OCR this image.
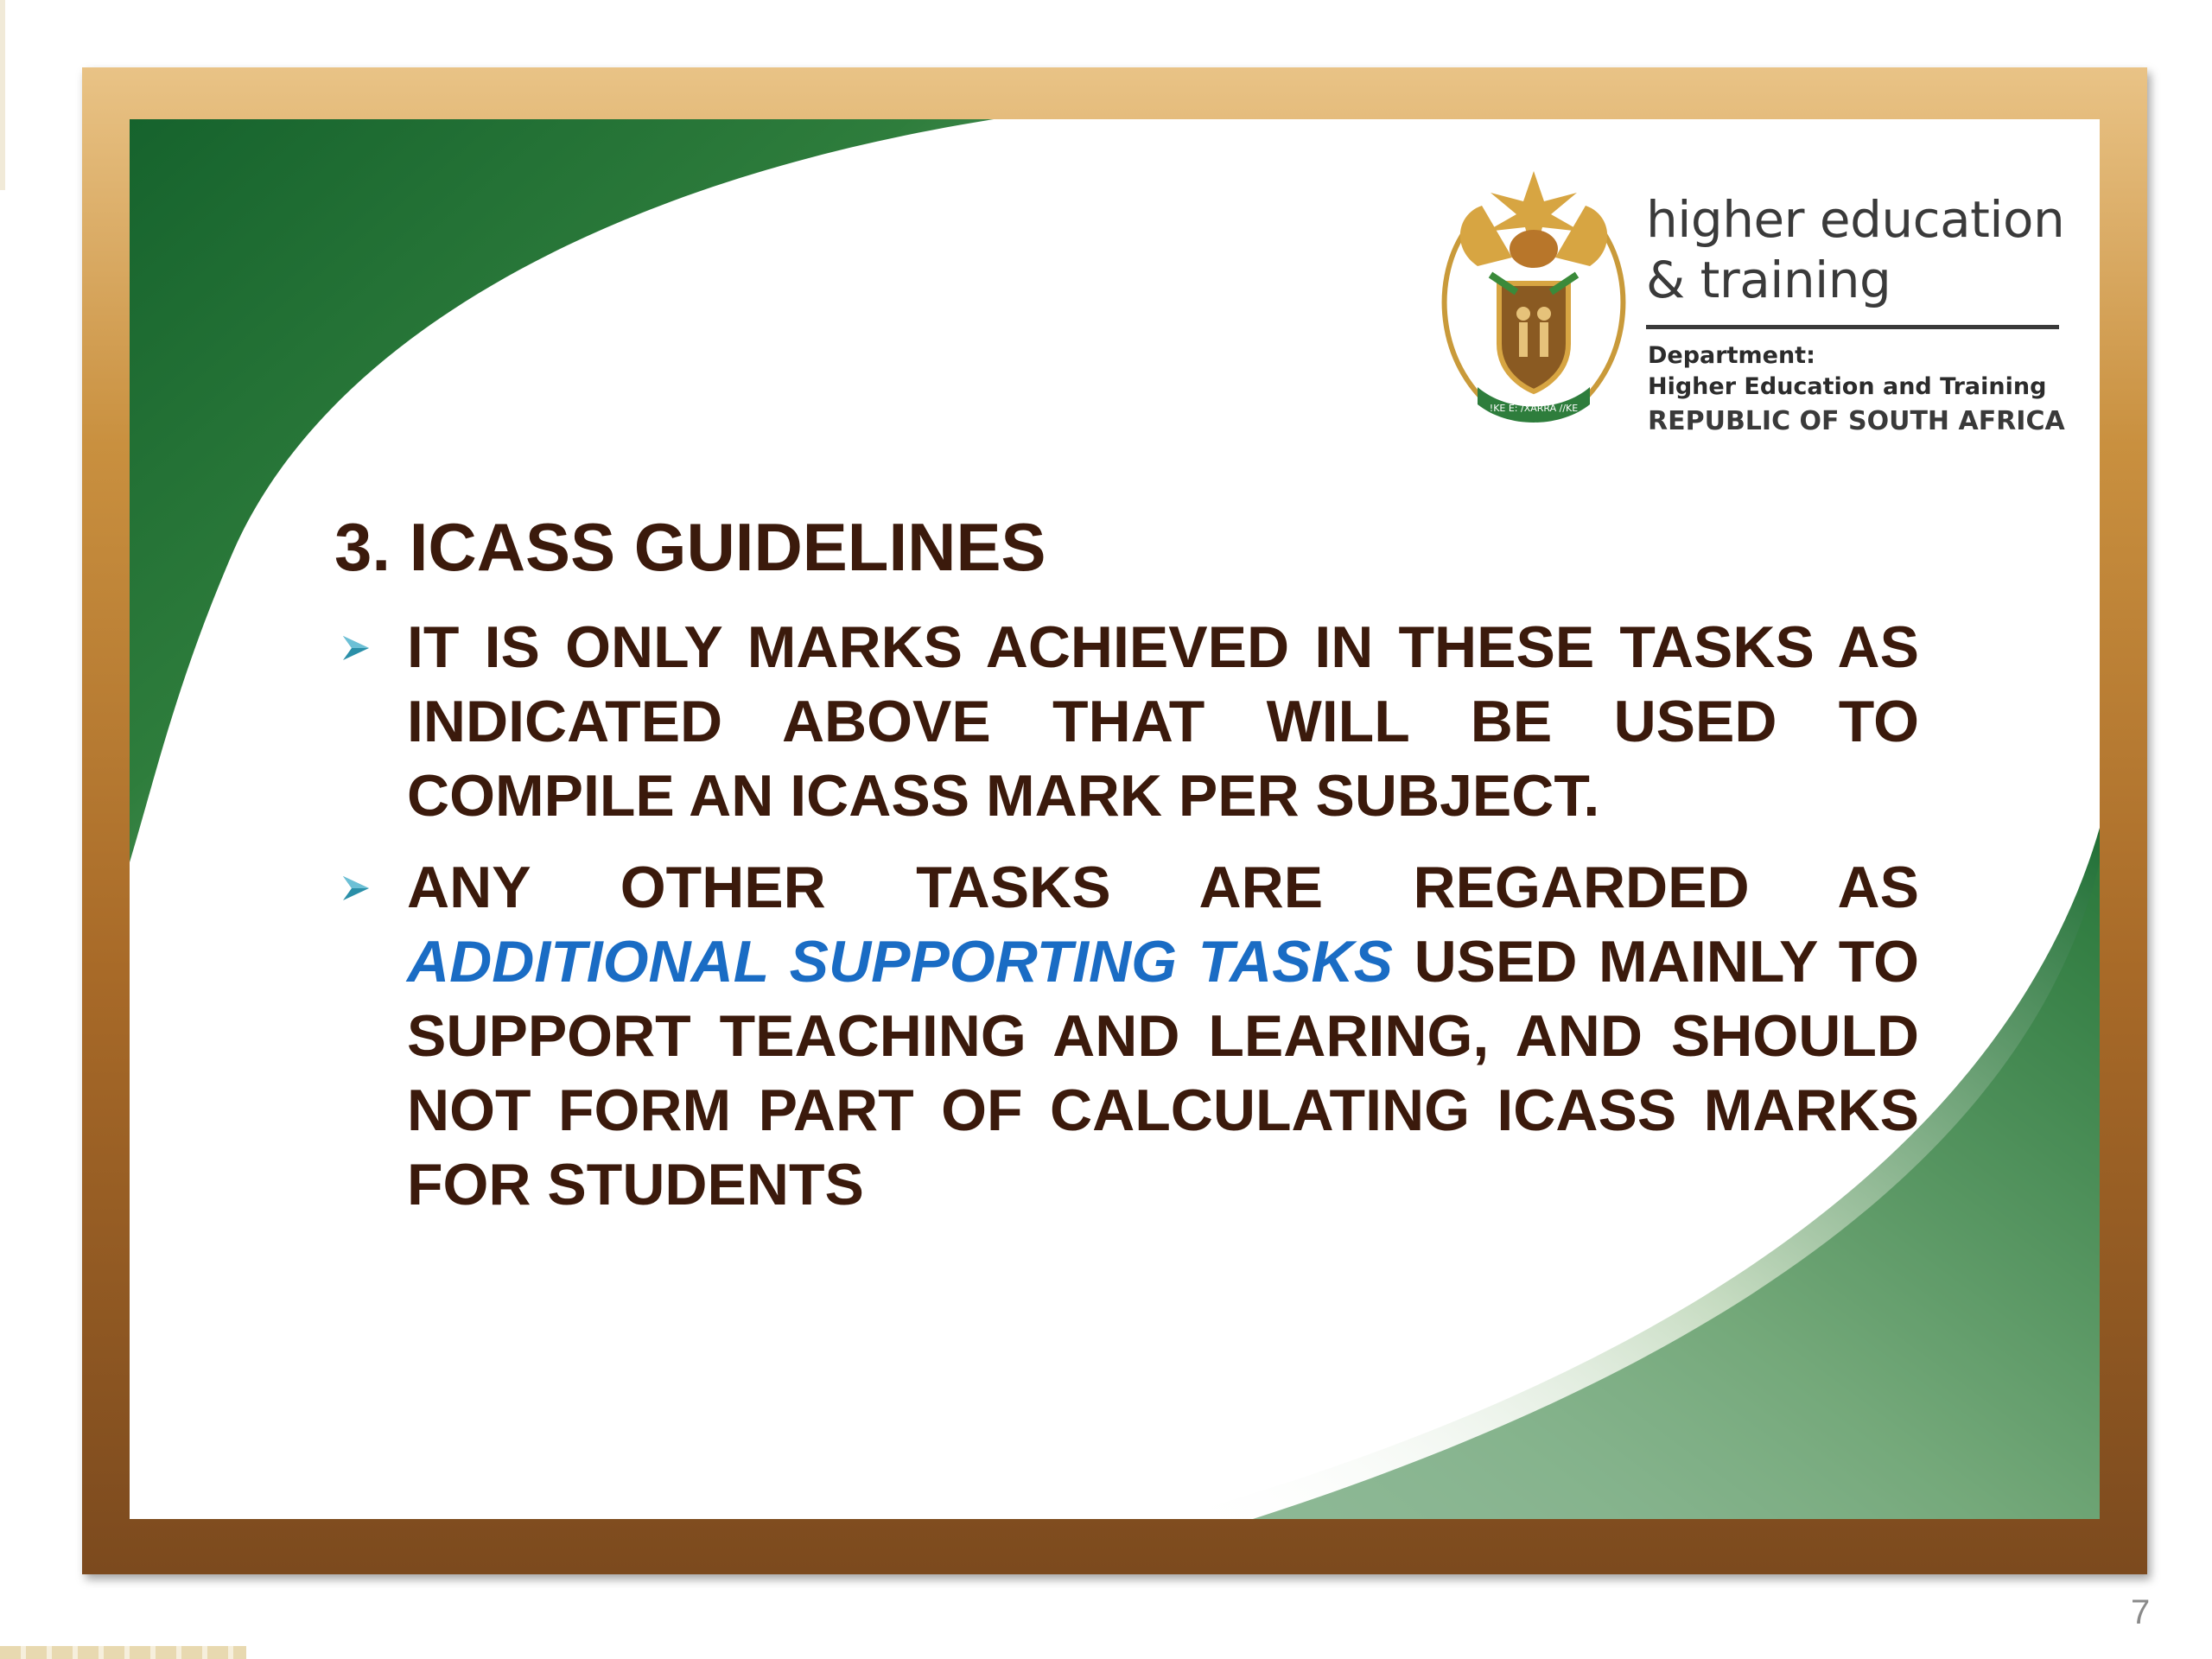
!KE E: /XARRA //KE
higher education
& training
Department:
Higher Education and Training
REPUBLIC OF SOUTH AFRICA
3. ICASS GUIDELINES
IT IS ONLY MARKS ACHIEVED IN THESE TASKS AS INDICATED ABOVE THAT WILL BE USED TO COMPILE AN ICASS MARK PER SUBJECT.
ANY OTHER TASKS ARE REGARDED AS ADDITIONAL SUPPORTING TASKS USED MAINLY TO SUPPORT TEACHING AND LEARING, AND SHOULD NOT FORM PART OF CALCULATING ICASS MARKS FOR STUDENTS
7
